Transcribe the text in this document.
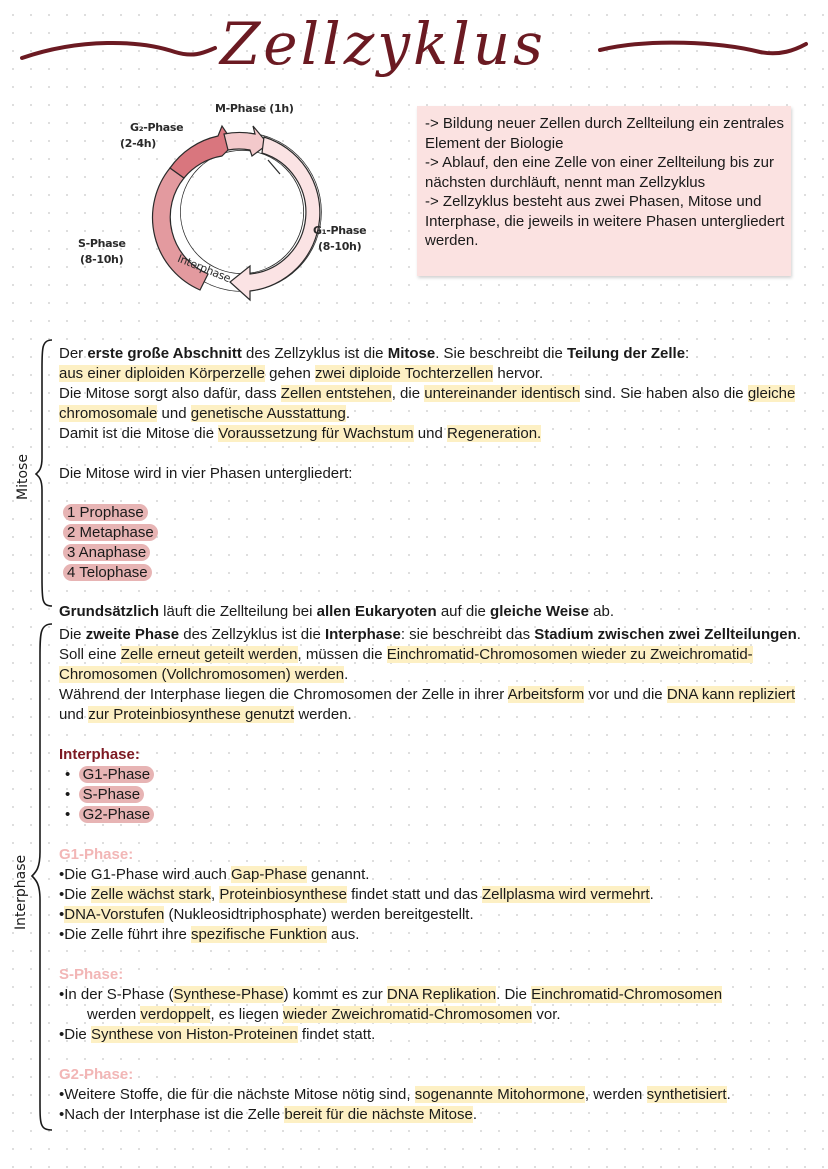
Zellzyklus
M-Phase (1h)
G₂-Phase
(2-4h)
G₁-Phase
(8-10h)
S-Phase
(8-10h)	Interphase

-> Bildung neuer Zellen durch Zellteilung ein zentrales Element der Biologie

-> Ablauf, den eine Zelle von einer Zellteilung bis zur nächsten durchläuft, nennt man Zellzyklus

-> Zellzyklus besteht aus zwei Phasen, Mitose und Interphase, die jeweils in weitere Phasen untergliedert werden.

Mitose

Der erste große Abschnitt des Zellzyklus ist die Mitose. Sie beschreibt die Teilung der Zelle:
aus einer diploiden Körperzelle gehen zwei diploide Tochterzellen hervor.

Die Mitose sorgt also dafür, dass Zellen entstehen, die untereinander identisch sind. Sie haben also die gleiche chromosomale und genetische Ausstattung.

Damit ist die Mitose die Voraussetzung für Wachstum und Regeneration.

Die Mitose wird in vier Phasen untergliedert:

1 Prophase
2 Metaphase
3 Anaphase
4 Telophase

Grundsätzlich läuft die Zellteilung bei allen Eukaryoten auf die gleiche Weise ab.

Interphase

Die zweite Phase des Zellzyklus ist die Interphase: sie beschreibt das Stadium zwischen zwei Zellteilungen.

Soll eine Zelle erneut geteilt werden, müssen die Einchromatid-Chromosomen wieder zu Zweichromatid-Chromosomen (Vollchromosomen) werden.

Während der Interphase liegen die Chromosomen der Zelle in ihrer Arbeitsform vor und die DNA kann repliziert und zur Proteinbiosynthese genutzt werden.

Interphase:

•  G1-Phase
•  S-Phase
•  G2-Phase

G1-Phase:

•Die G1-Phase wird auch Gap-Phase genannt.

•Die Zelle wächst stark, Proteinbiosynthese findet statt und das Zellplasma wird vermehrt.

•DNA-Vorstufen (Nukleosidtriphosphate) werden bereitgestellt.

•Die Zelle führt ihre spezifische Funktion aus.

S-Phase:

•In der S-Phase (Synthese-Phase) kommt es zur DNA Replikation. Die Einchromatid-Chromosomen

werden verdoppelt, es liegen wieder Zweichromatid-Chromosomen vor.

•Die Synthese von Histon-Proteinen findet statt.

G2-Phase:

•Weitere Stoffe, die für die nächste Mitose nötig sind, sogenannte Mitohormone, werden synthetisiert.

•Nach der Interphase ist die Zelle bereit für die nächste Mitose.
